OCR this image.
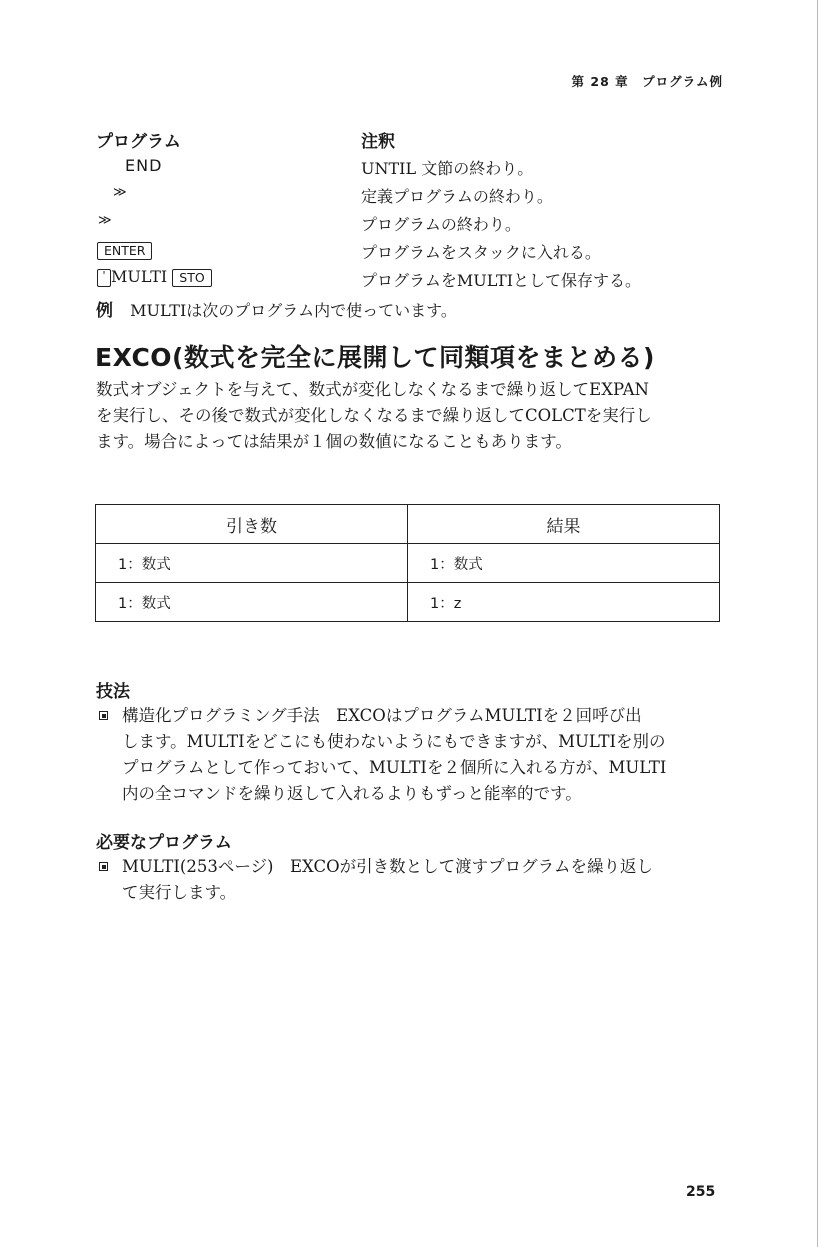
第 28 章　プログラム例
プログラム	注釈
END	UNTIL 文節の終わり。
≫	定義プログラムの終わり。
≫	プログラムの終わり。
ENTER	プログラムをスタックに入れる。
' MULTI STO	プログラムをMULTIとして保存する。
例 MULTIは次のプログラム内で使っています。
EXCO(数式を完全に展開して同類項をまとめる)
数式オブジェクトを与えて、数式が変化しなくなるまで繰り返してEXPAN
を実行し、その後で数式が変化しなくなるまで繰り返してCOLCTを実行し
ます。場合によっては結果が１個の数値になることもあります。
引き数	結果
1：数式	1：数式
1：数式	1：z
技法
構造化プログラミング手法　EXCOはプログラムMULTIを２回呼び出
します。MULTIをどこにも使わないようにもできますが、MULTIを別の
プログラムとして作っておいて、MULTIを２個所に入れる方が、MULTI
内の全コマンドを繰り返して入れるよりもずっと能率的です。
必要なプログラム
MULTI(253ページ)　EXCOが引き数として渡すプログラムを繰り返し
て実行します。
255
